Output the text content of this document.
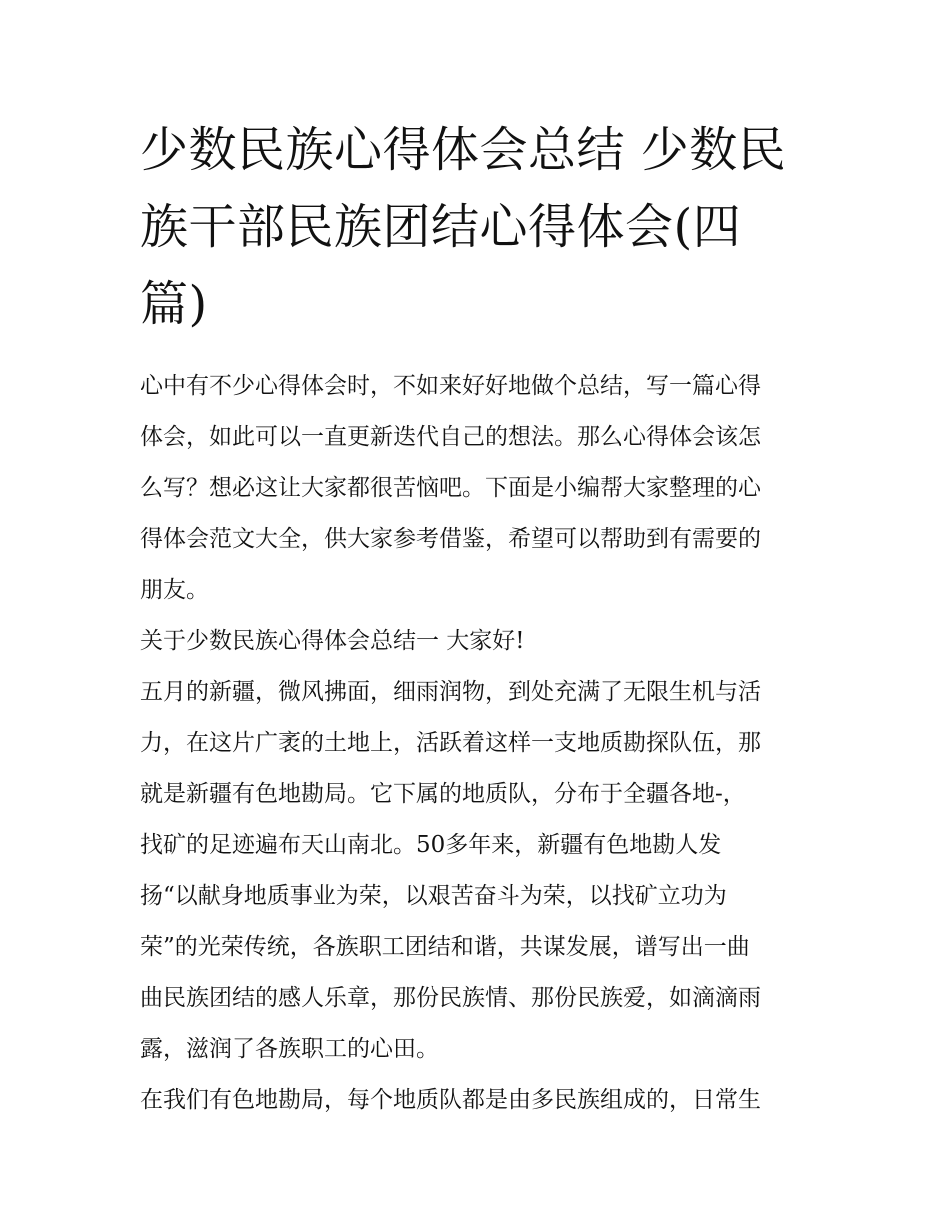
少数民族心得体会总结 少数民
族干部民族团结心得体会(四
篇)
心中有不少心得体会时，不如来好好地做个总结，写一篇心得
体会，如此可以一直更新迭代自己的想法。那么心得体会该怎
么写？想必这让大家都很苦恼吧。下面是小编帮大家整理的心
得体会范文大全，供大家参考借鉴，希望可以帮助到有需要的
朋友。
关于少数民族心得体会总结一 大家好!
五月的新疆，微风拂面，细雨润物，到处充满了无限生机与活
力，在这片广袤的土地上，活跃着这样一支地质勘探队伍，那
就是新疆有色地勘局。它下属的地质队，分布于全疆各地-，
找矿的足迹遍布天山南北。50多年来，新疆有色地勘人发
扬“以献身地质事业为荣，以艰苦奋斗为荣，以找矿立功为
荣”的光荣传统，各族职工团结和谐，共谋发展，谱写出一曲
曲民族团结的感人乐章，那份民族情、那份民族爱，如滴滴雨
露，滋润了各族职工的心田。
在我们有色地勘局，每个地质队都是由多民族组成的，日常生
